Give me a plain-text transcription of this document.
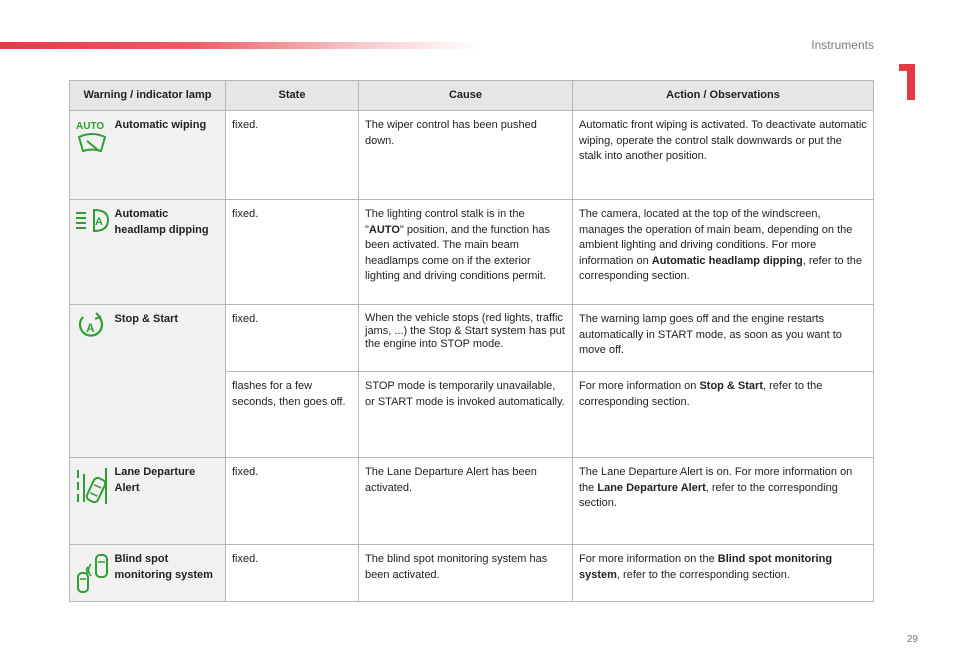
Instruments
1
Warning / indicator lamp		State	Cause	Action / Observations

AUTO	Automatic wiping	fixed.	The wiper control has been pushed down.	Automatic front wiping is activated. To deactivate automatic wiping, operate the control stalk downwards or put the stalk into another position.

A	Automatic headlamp dipping	fixed.	The lighting control stalk is in the "AUTO" position, and the function has been activated. The main beam headlamps come on if the exterior lighting and driving conditions permit.	The camera, located at the top of the windscreen, manages the operation of main beam, depending on the ambient lighting and driving conditions. For more information on Automatic headlamp dipping, refer to the corresponding section.

A	Stop & Start	fixed.	When the vehicle stops (red lights, traffic jams, ...) the Stop & Start system has put the engine into STOP mode.	The warning lamp goes off and the engine restarts automatically in START mode, as soon as you want to move off.
		flashes for a few seconds, then goes off.	STOP mode is temporarily unavailable, or START mode is invoked automatically.	For more information on Stop & Start, refer to the corresponding section.

	Lane Departure Alert	fixed.	The Lane Departure Alert has been activated.	The Lane Departure Alert is on. For more information on the Lane Departure Alert, refer to the corresponding section.

	Blind spot monitoring system	fixed.	The blind spot monitoring system has been activated.	For more information on the Blind spot monitoring system, refer to the corresponding section.
29
